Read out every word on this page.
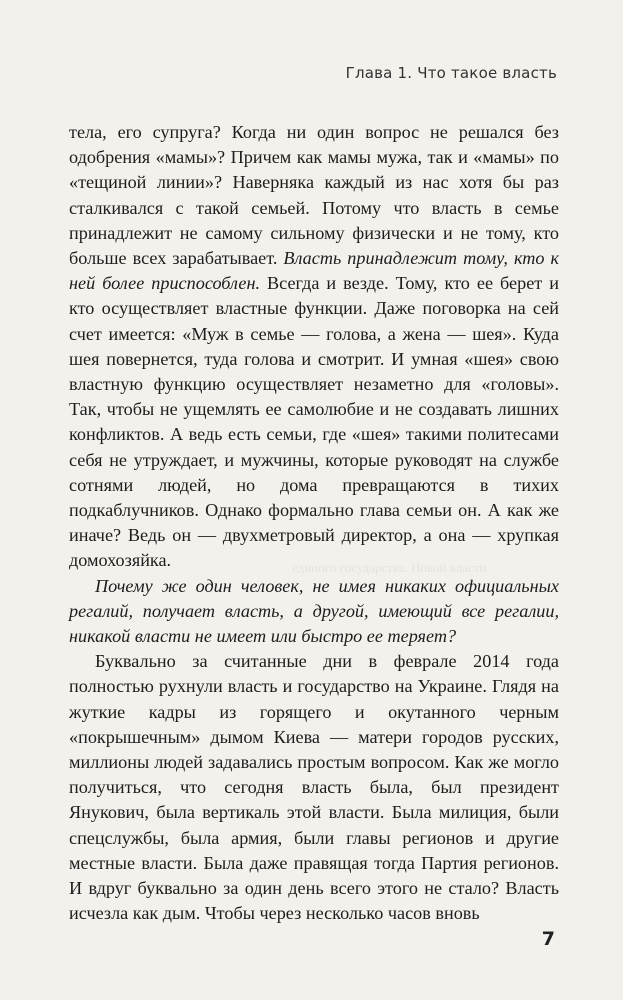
Глава 1. Что такое власть
единого государства. Новой власти

тела, его супруга? Когда ни один вопрос не решался без одобрения «мамы»? Причем как мамы мужа, так и «мамы» по «тещиной линии»? Наверняка каждый из нас хотя бы раз сталкивался с такой семьей. Потому что власть в семье принадлежит не самому сильному физически и не тому, кто больше всех зарабатывает. Власть принадлежит тому, кто к ней более приспособлен. Всегда и везде. Тому, кто ее берет и кто осуществляет властные функции. Даже поговорка на сей счет имеется: «Муж в семье — голова, а жена — шея». Куда шея повернется, туда голова и смотрит. И умная «шея» свою властную функцию осуществляет незаметно для «головы». Так, чтобы не ущемлять ее самолюбие и не создавать лишних конфликтов. А ведь есть семьи, где «шея» такими политесами себя не утруждает, и мужчины, которые руководят на службе сотнями людей, но дома превращаются в тихих подкаблучников. Однако формально глава семьи он. А как же иначе? Ведь он — двухметровый директор, а она — хрупкая домохозяйка.

Почему же один человек, не имея никаких официальных регалий, получает власть, а другой, имеющий все регалии, никакой власти не имеет или быстро ее теряет?

Буквально за считанные дни в феврале 2014 года полностью рухнули власть и государство на Украине. Глядя на жуткие кадры из горящего и окутанного черным «покрышечным» дымом Киева — матери городов русских, миллионы людей задавались простым вопросом. Как же могло получиться, что сегодня власть была, был президент Янукович, была вертикаль этой власти. Была милиция, были спецслужбы, была армия, были главы регионов и другие местные власти. Была даже правящая тогда Партия регионов. И вдруг буквально за один день всего этого не стало? Власть исчезла как дым. Чтобы через несколько часов вновь

7
